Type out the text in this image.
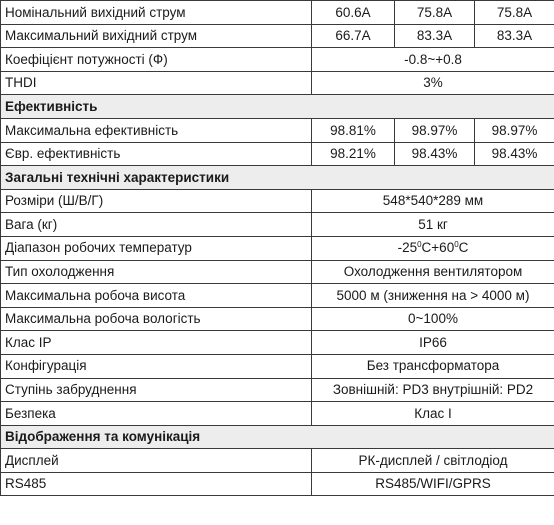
Номінальний вихідний струм	60.6A	75.8A	75.8A
Максимальний вихідний струм	66.7A	83.3A	83.3A
Коефіцієнт потужності (Ф)	-0.8~+0.8		
THDI	3%		
Ефективність			
Максимальна ефективність	98.81%	98.97%	98.97%
Євр. ефективність	98.21%	98.43%	98.43%
Загальні технічні характеристики			
Розміри (Ш/В/Г)	548*540*289 мм		
Вага (кг)	51 кг		
Діапазон робочих температур	$-25^0C+60^0C$		
Тип охолодження	Охолодження вентилятором		
Максимальна робоча висота	5000 м (зниження на > 4000 м)		
Максимальна робоча вологість	0~100%		
Клас IP	IP66		
Конфігурація	Без трансформатора		
Ступінь забруднення	Зовнішній: PD3 внутрішній: PD2		
Безпека	Клас I		
Відображення та комунікація			
Дисплей	РК-дисплей / світлодіод		
RS485	RS485/WIFI/GPRS		
